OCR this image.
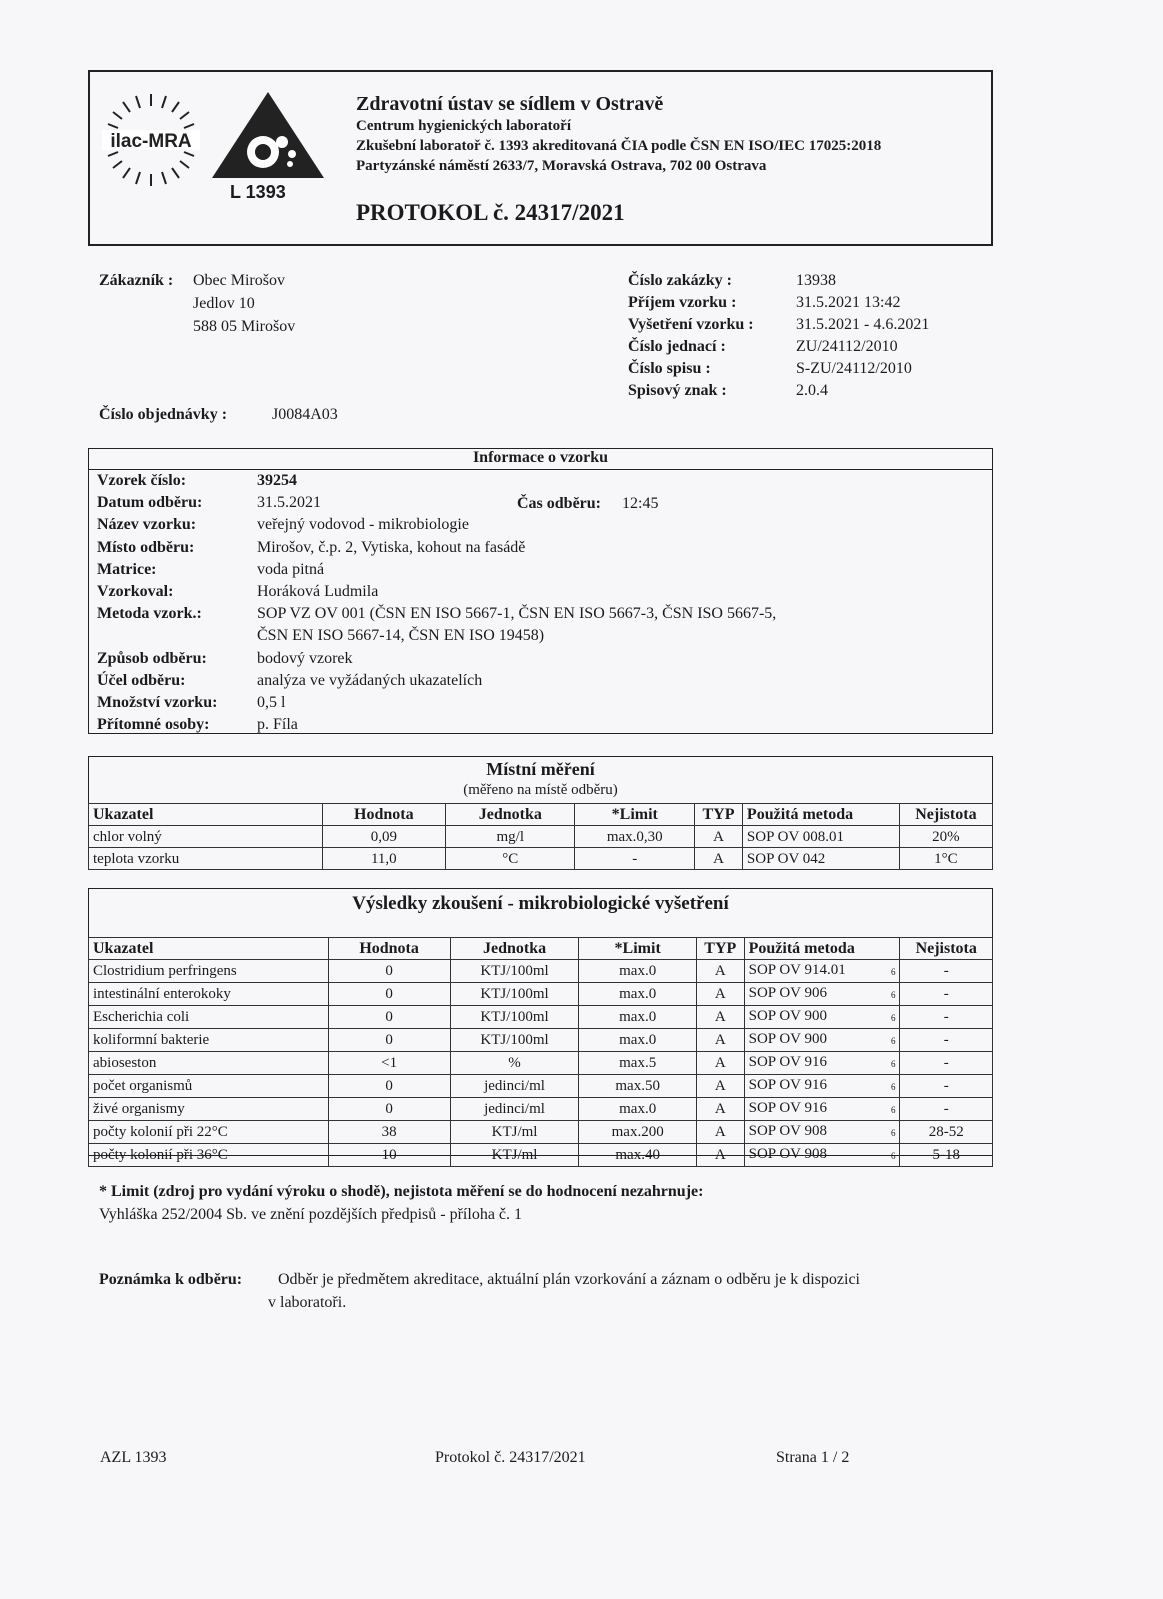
ilac-MRA
L 1393
Zdravotní ústav se sídlem v Ostravě
Centrum hygienických laboratoří
Zkušební laboratoř č. 1393 akreditovaná ČIA podle ČSN EN ISO/IEC 17025:2018
Partyzánské náměstí 2633/7, Moravská Ostrava, 702 00 Ostrava
PROTOKOL č. 24317/2021
Zákazník : Obec Mirošov
Jedlov 10
588 05 Mirošov
Číslo objednávky :	J0084A03
Číslo zakázky :	13938
Příjem vzorku :	31.5.2021 13:42
Vyšetření vzorku :	31.5.2021 - 4.6.2021
Číslo jednací :	ZU/24112/2010
Číslo spisu :	S-ZU/24112/2010
Spisový znak :	2.0.4
Informace o vzorku
Vzorek číslo:	39254
Datum odběru:	31.5.2021
Název vzorku:	veřejný vodovod - mikrobiologie
Místo odběru:	Mirošov, č.p. 2, Vytiska, kohout na fasádě
Matrice:	voda pitná
Vzorkoval:	Horáková Ludmila
Metoda vzork.:	SOP VZ OV 001 (ČSN EN ISO 5667-1, ČSN EN ISO 5667-3, ČSN ISO 5667-5,
ČSN EN ISO 5667-14, ČSN EN ISO 19458)
Způsob odběru:	bodový vzorek
Účel odběru:	analýza ve vyžádaných ukazatelích
Množství vzorku: 0,5 l
Přítomné osoby:	p. Fíla
Čas odběru: 12:45
Místní měření
(měřeno na místě odběru)
Ukazatel	Hodnota	Jednotka	*Limit	TYP	Použitá metoda	Nejistota
chlor volný	0,09	mg/l	max.0,30	A	SOP OV 008.01	20%
teplota vzorku	11,0	°C	-	A	SOP OV 042	1°C
Výsledky zkoušení - mikrobiologické vyšetření
Ukazatel	Hodnota	Jednotka	*Limit	TYP	Použitá metoda	Nejistota
Clostridium perfringens	0	KTJ/100ml	max.0	A	SOP OV 914.01 6	-
intestinální enterokoky	0	KTJ/100ml	max.0	A	SOP OV 906 6	-
Escherichia coli	0	KTJ/100ml	max.0	A	SOP OV 900 6	-
koliformní bakterie	0	KTJ/100ml	max.0	A	SOP OV 900 6	-
abioseston	<1	%	max.5	A	SOP OV 916 6	-
počet organismů	0	jedinci/ml	max.50	A	SOP OV 916 6	-
živé organismy	0	jedinci/ml	max.0	A	SOP OV 916 6	-
počty kolonií při 22°C	38	KTJ/ml	max.200	A	SOP OV 908 6	28-52
počty kolonií při 36°C	10	KTJ/ml	max.40	A	SOP OV 908 6	5-18
* Limit (zdroj pro vydání výroku o shodě), nejistota měření se do hodnocení nezahrnuje:
Vyhláška 252/2004 Sb. ve znění pozdějších předpisů - příloha č. 1
Poznámka k odběru: Odběr je předmětem akreditace, aktuální plán vzorkování a záznam o odběru je k dispozici
v laboratoři.
AZL 1393	Protokol č. 24317/2021	Strana 1 / 2
